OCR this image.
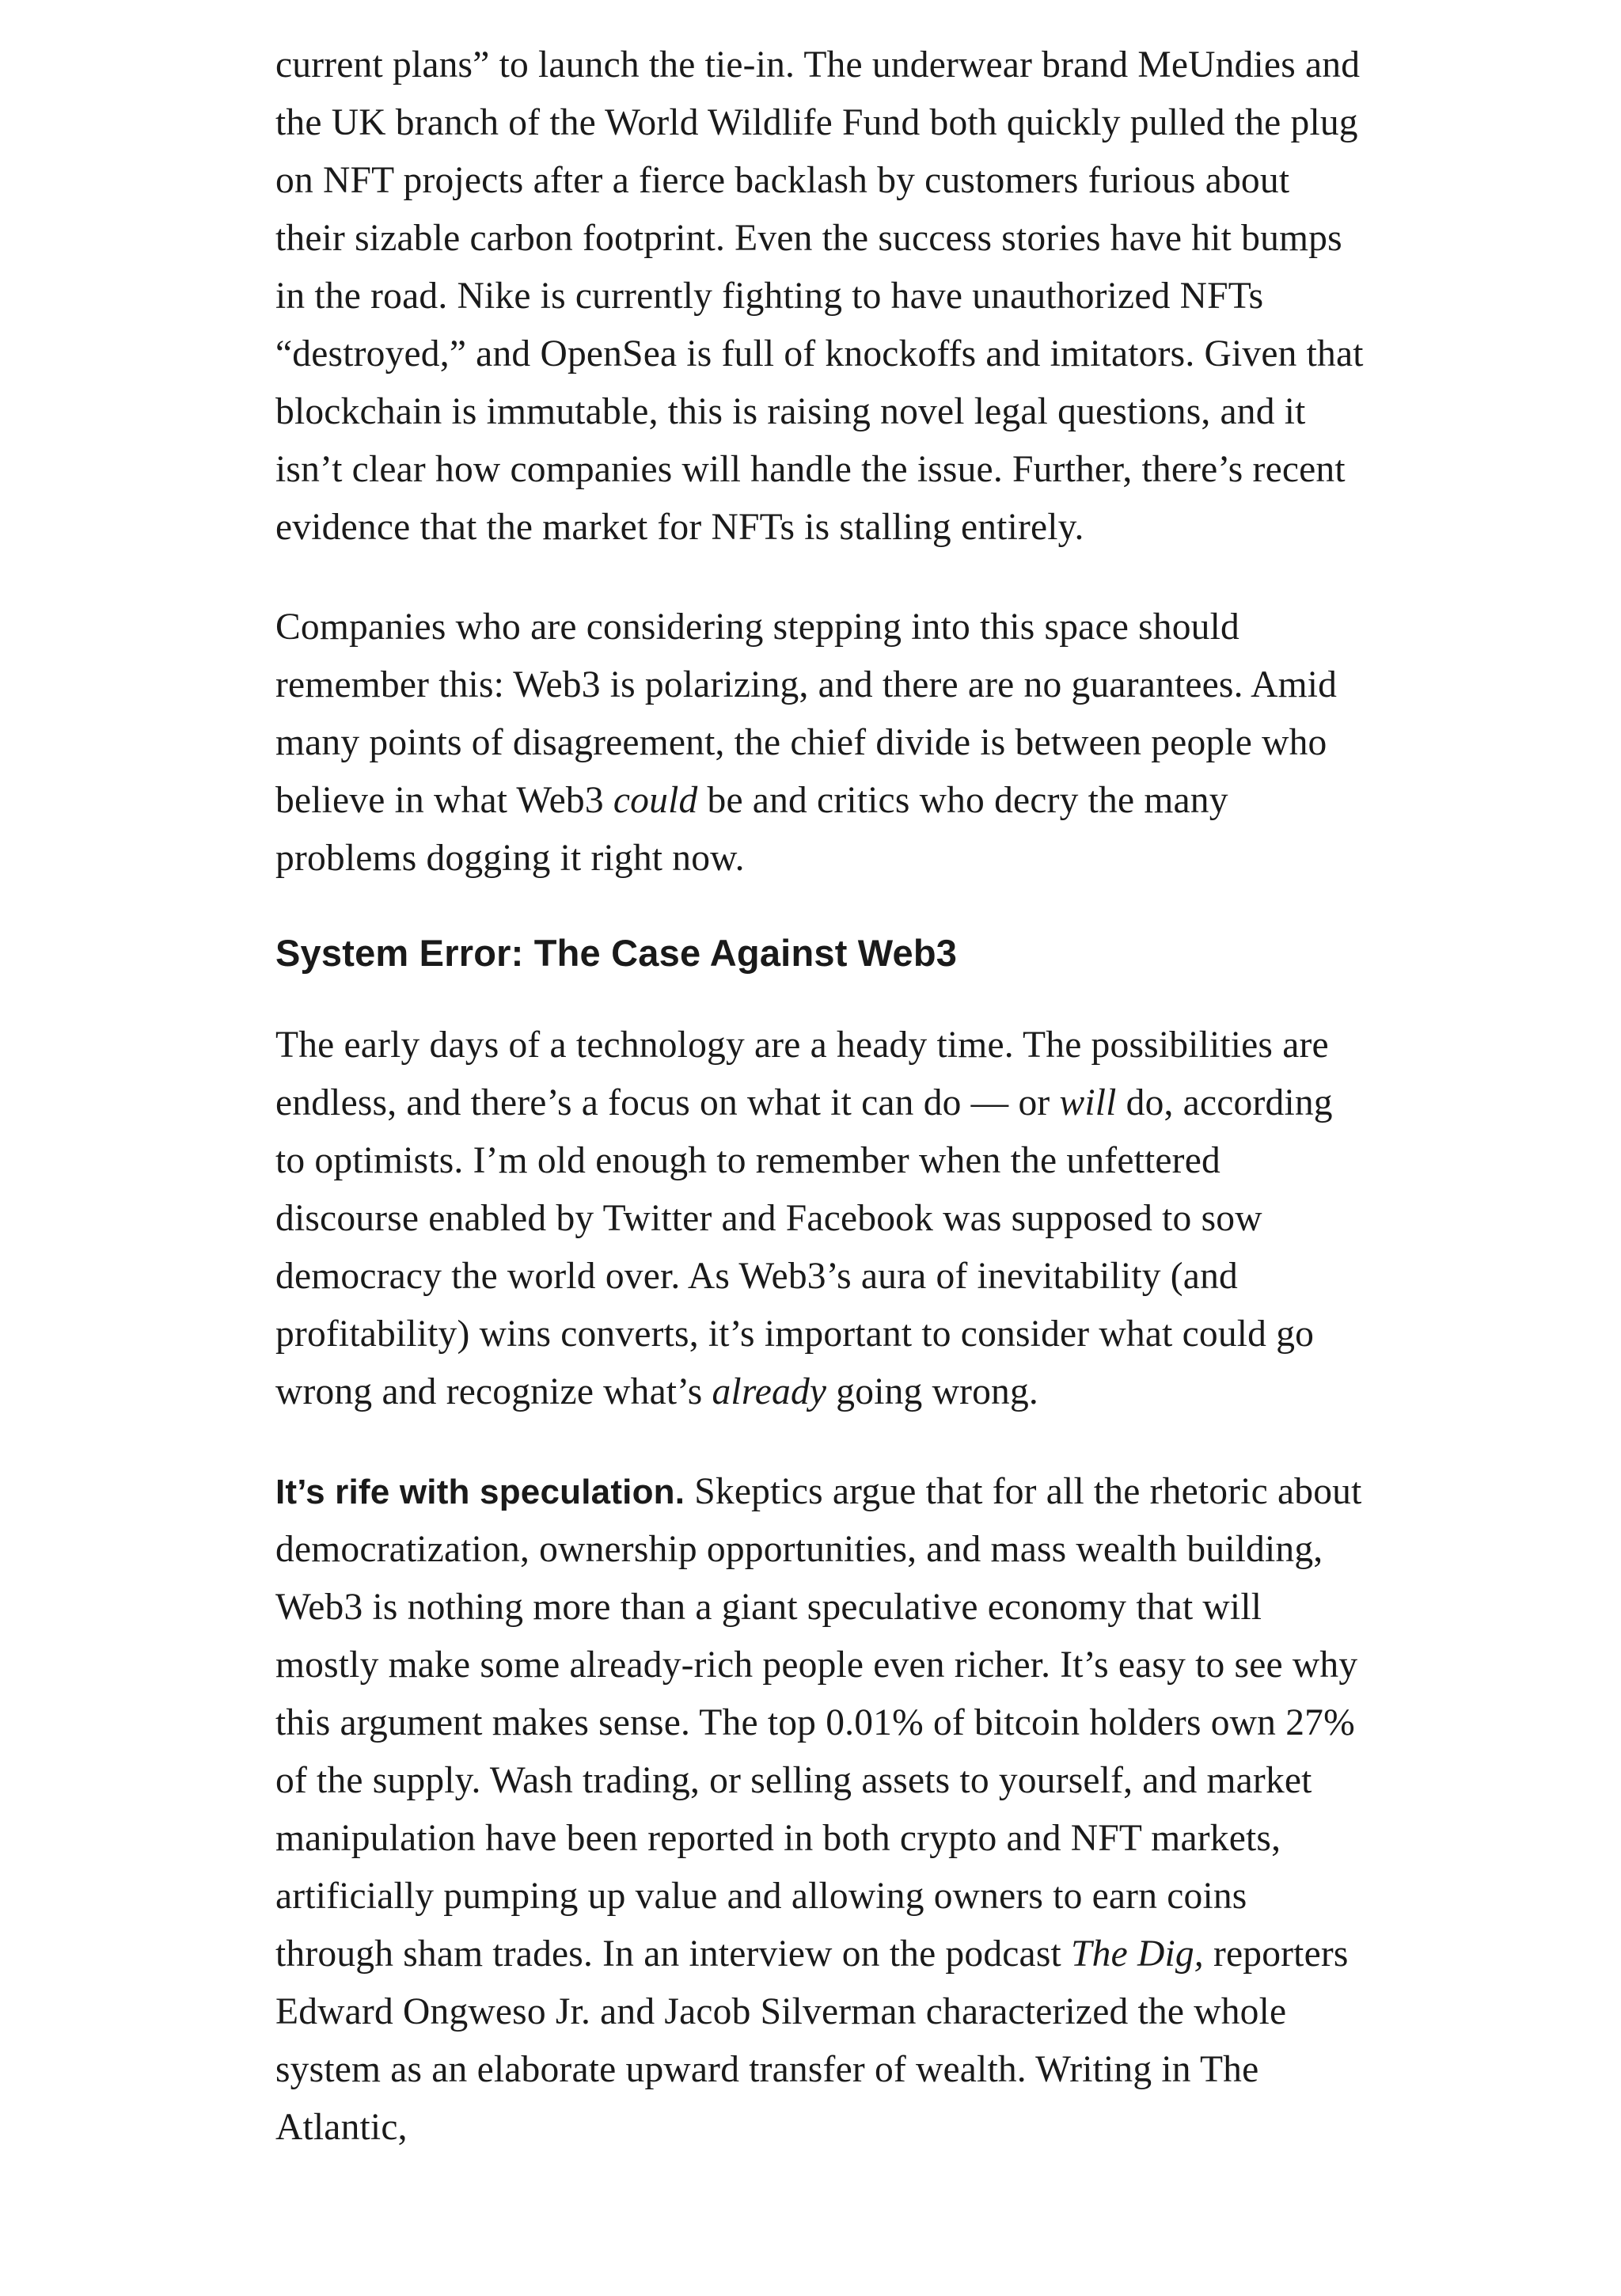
current plans” to launch the tie-in. The underwear brand MeUndies and the UK branch of the World Wildlife Fund both quickly pulled the plug on NFT projects after a fierce backlash by customers furious about their sizable carbon footprint. Even the success stories have hit bumps in the road. Nike is currently fighting to have unauthorized NFTs “destroyed,” and OpenSea is full of knockoffs and imitators. Given that blockchain is immutable, this is raising novel legal questions, and it isn’t clear how companies will handle the issue. Further, there’s recent evidence that the market for NFTs is stalling entirely.

Companies who are considering stepping into this space should remember this: Web3 is polarizing, and there are no guarantees. Amid many points of disagreement, the chief divide is between people who believe in what Web3 could be and critics who decry the many problems dogging it right now.

System Error: The Case Against Web3

The early days of a technology are a heady time. The possibilities are endless, and there’s a focus on what it can do — or will do, according to optimists. I’m old enough to remember when the unfettered discourse enabled by Twitter and Facebook was supposed to sow democracy the world over. As Web3’s aura of inevitability (and profitability) wins converts, it’s important to consider what could go wrong and recognize what’s already going wrong.

It’s rife with speculation. Skeptics argue that for all the rhetoric about democratization, ownership opportunities, and mass wealth building, Web3 is nothing more than a giant speculative economy that will mostly make some already-rich people even richer. It’s easy to see why this argument makes sense. The top 0.01% of bitcoin holders own 27% of the supply. Wash trading, or selling assets to yourself, and market manipulation have been reported in both crypto and NFT markets, artificially pumping up value and allowing owners to earn coins through sham trades. In an interview on the podcast The Dig, reporters Edward Ongweso Jr. and Jacob Silverman characterized the whole system as an elaborate upward transfer of wealth. Writing in The Atlantic,
